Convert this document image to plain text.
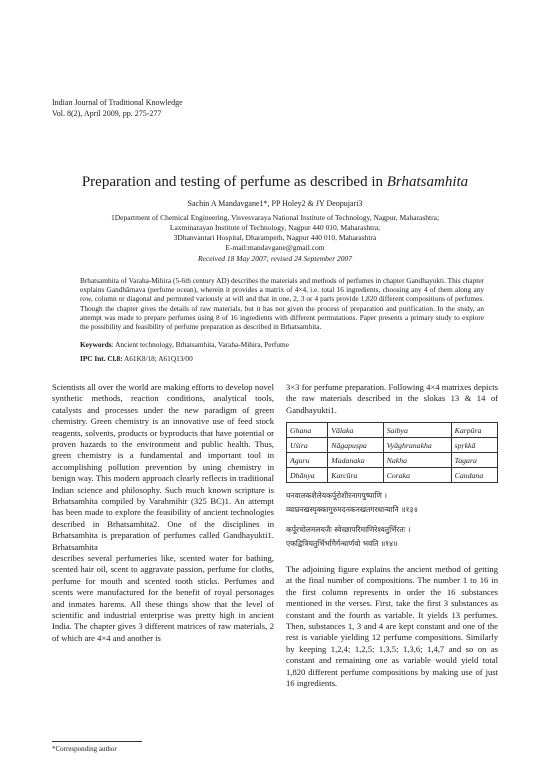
Indian Journal of Traditional Knowledge
Vol. 8(2), April 2009, pp. 275-277
Preparation and testing of perfume as described in Brhatsamhita
Sachin A Mandavgane1*, PP Holey2 & JY Deopujari3
1Department of Chemical Engineering, Visvesvaraya National Institute of Technology, Nagpur, Maharashtra;
Laxminarayan Institute of Technology, Nagpur 440 010, Maharashtra;
3Dhanvantari Hospital, Dharampeth, Nagpur 440 010, Maharashtra
E-mail:mandavgane@gmail.com
Received 18 May 2007; revised 24 September 2007
Brhatsamhita of Varaha-Mihira (5-6th century AD) describes the materials and methods of perfumes in chapter Gandhayukti. This chapter explains Gandhārnava (perfume ocean), wherein it provides a matrix of 4×4, i.e. total 16 ingredients, choosing any 4 of them along any row, column or diagonal and permuted variously at will and that in one, 2, 3 or 4 parts provide 1,820 different compositions of perfumes. Though the chapter gives the details of raw materials, but it has not given the process of preparation and purification. In the study, an attempt was made to prepare perfumes using 8 of 16 ingredients with different permutations. Paper presents a primary study to explore the possibility and feasibility of perfume preparation as described in Brhatsamhita.
Keywords: Ancient technology, Brhatsamhita, Varaha-Mihira, Perfume
IPC Int. Cl.8: A61K8/18; A61Q13/00
Scientists all over the world are making efforts to develop novel synthetic methods, reaction conditions, analytical tools, catalysts and processes under the new paradigm of green chemistry. Green chemistry is an innovative use of feed stock reagents, solvents, products or byproducts that have potential or proven hazards to the environment and public health. Thus, green chemistry is a fundamental and important tool in accomplishing pollution prevention by using chemistry in benign way. This modern approach clearly reflects in traditional Indian science and philosophy. Such much known scripture is Brhatsamhita compiled by Varahmihir (325 BC)1. An attempt has been made to explore the feasibility of ancient technologies described in Brhatsamhita2. One of the disciplines in Brhatsamhita is preparation of perfumes called Gandhayukti1. Brhatsamhita
describes several perfumeries like, scented water for bathing, scented hair oil, scent to aggravate passion, perfume for cloths, perfume for mouth and scented tooth sticks. Perfumes and scents were manufactured for the benefit of royal personages and inmates harems. All these things show that the level of scientific and industrial enterprise was pretty high in ancient India. The chapter gives 3 different matrices of raw materials, 2 of which are 4×4 and another is
3×3 for perfume preparation. Following 4×4 matrixes depicts the raw materials described in the slokas 13 & 14 of Gandhayukti1.
Ghana	Vālaka	Saibya	Karpūra
Uśira	Nāgapuṣpa	Vyāghranakha	spṛkkā
Aguru	Madanaka	Nakha	Tagara
Dhānya	Karcūra	Coraka	Candana
घनवालकशैलेयकर्पूरोशीरनागपुष्पाणि ।
व्याघ्रनखस्पृक्कागुरुमदनकनखतगरधान्यानि ॥१३॥
कर्पूरचोलमलयजैः स्वेच्छापरिमाणिरेश्वतुर्भिरतः ।
एकद्वित्रिचतुर्भिर्भागैर्गन्धार्णवो भवति ॥१४॥
The adjoining figure explains the ancient method of getting at the final number of compositions. The number 1 to 16 in the first column represents in order the 16 substances mentioned in the verses. First, take the first 3 substances as constant and the fourth as variable. It yields 13 perfumes. Then, substances 1, 3 and 4 are kept constant and one of the rest is variable yielding 12 perfume compositions. Similarly by keeping 1,2,4; 1,2,5; 1,3,5; 1,3,6; 1,4,7 and so on as constant and remaining one as variable would yield total 1,820 different perfume compositions by making use of just 16 ingredients.
*Corresponding author
